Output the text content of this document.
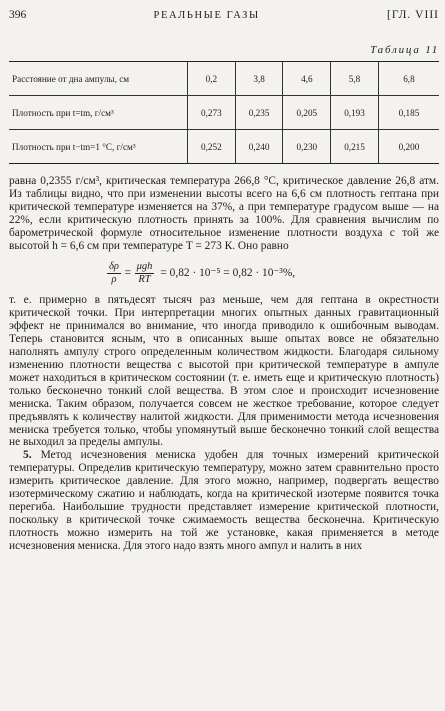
396	РЕАЛЬНЫЕ ГАЗЫ	[ГЛ. VIII
Таблица 11
Расстояние от дна ампулы, см	0,2	3,8	4,6	5,8	6,8
Плотность при t=tm, г/см³	0,273	0,235	0,205	0,193	0,185
Плотность при t−tm=1 °C, г/см³	0,252	0,240	0,230	0,215	0,200

равна 0,2355 г/см³, критическая температура 266,8 °С, критическое давление 26,8 атм. Из таблицы видно, что при изменении высоты всего на 6,6 см плотность гептана при критической температуре изменяется на 37%, а при температуре градусом выше — на 22%, если критическую плотность принять за 100%. Для сравнения вычислим по барометрической формуле относительное изменение плотности воздуха с той же высотой h = 6,6 см при температуре T = 273 К. Оно равно

$\frac{\delta\rho}{\rho} = \frac{\text{μgh}}{RT} = 0,82 \cdot 10^{-5} = 0,82 \cdot 10^{-3}\%$,

т. е. примерно в пятьдесят тысяч раз меньше, чем для гептана в окрестности критической точки. При интерпретации многих опытных данных гравитационный эффект не принимался во внимание, что иногда приводило к ошибочным выводам. Теперь становится ясным, что в описанных выше опытах вовсе не обязательно наполнять ампулу строго определенным количеством жидкости. Благодаря сильному изменению плотности вещества с высотой при критической температуре в ампуле может находиться в критическом состоянии (т. е. иметь еще и критическую плотность) только бесконечно тонкий слой вещества. В этом слое и происходит исчезновение мениска. Таким образом, получается совсем не жесткое требование, которое следует предъявлять к количеству налитой жидкости. Для применимости метода исчезновения мениска требуется только, чтобы упомянутый выше бесконечно тонкий слой вещества не выходил за пределы ампулы.

5. Метод исчезновения мениска удобен для точных измерений критической температуры. Определив критическую температуру, можно затем сравнительно просто измерить критическое давление. Для этого можно, например, подвергать вещество изотермическому сжатию и наблюдать, когда на критической изотерме появится точка перегиба. Наибольшие трудности представляет измерение критической плотности, поскольку в критической точке сжимаемость вещества бесконечна. Критическую плотность можно измерить на той же установке, какая применяется в методе исчезновения мениска. Для этого надо взять много ампул и налить в них
